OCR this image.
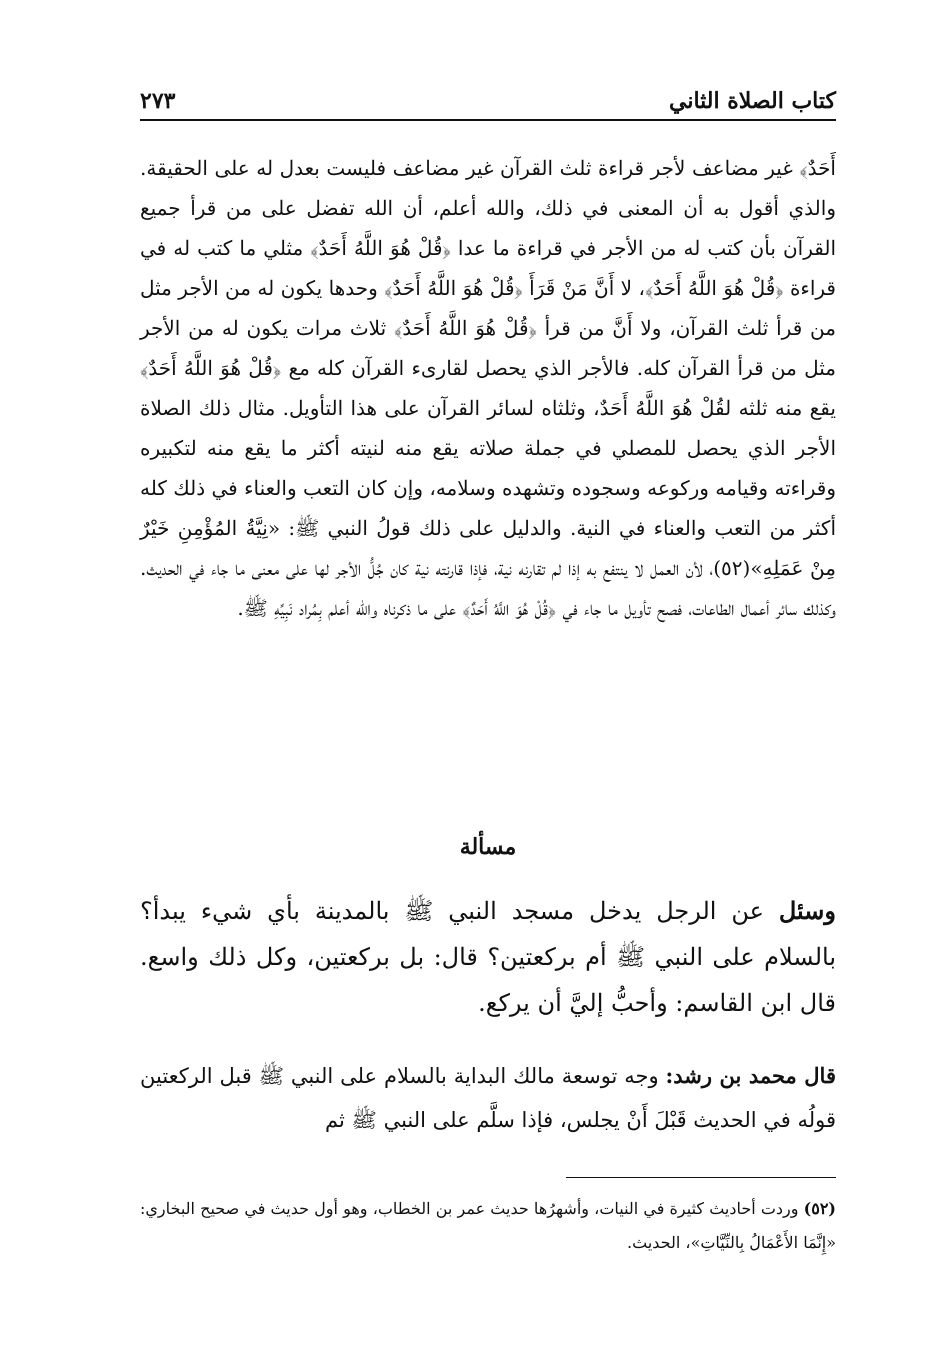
كتاب الصلاة الثاني
٢٧٣

أَحَدٌ﴾ غير مضاعف لأجر قراءة ثلث القرآن غير مضاعف فليست بعدل له على الحقيقة. والذي أقول به أن المعنى في ذلك، والله أعلم، أن الله تفضل على من قرأ جميع القرآن بأن كتب له من الأجر في قراءة ما عدا ﴿قُلْ هُوَ اللَّهُ أَحَدٌ﴾ مثلي ما كتب له في قراءة ﴿قُلْ هُوَ اللَّهُ أَحَدٌ﴾، لا أَنَّ مَنْ قَرَأَ ﴿قُلْ هُوَ اللَّهُ أَحَدٌ﴾ وحدها يكون له من الأجر مثل من قرأ ثلث القرآن، ولا أَنَّ من قرأ ﴿قُلْ هُوَ اللَّهُ أَحَدٌ﴾ ثلاث مرات يكون له من الأجر مثل من قرأ القرآن كله. فالأجر الذي يحصل لقارىء القرآن كله مع ﴿قُلْ هُوَ اللَّهُ أَحَدٌ﴾ يقع منه ثلثه لقُلْ هُوَ اللَّهُ أَحَدٌ، وثلثاه لسائر القرآن على هذا التأويل. مثال ذلك الصلاة الأجر الذي يحصل للمصلي في جملة صلاته يقع منه لنيته أكثر ما يقع منه لتكبيره وقراءته وقيامه وركوعه وسجوده وتشهده وسلامه، وإن كان التعب والعناء في ذلك كله أكثر من التعب والعناء في النية. والدليل على ذلك قولُ النبي ﷺ: «نِيَّةُ المُؤْمِنِ خَيْرٌ مِنْ عَمَلِهِ»(٥٢)، لأن العمل لا ينتفع به إذا لم تقارنه نية، فإذا قارنته نية كان جُلُّ الأجر لها على معنى ما جاء في الحديث. وكذلك سائر أعمال الطاعات، فصح تأويل ما جاء في ﴿قُلْ هُوَ اللَّهُ أَحَدٌ﴾ على ما ذكرناه والله أعلم بِمُراد نَبِيِّهِ ﷺ.

مسألة

وسئل عن الرجل يدخل مسجد النبي ﷺ بالمدينة بأي شيء يبدأ؟ بالسلام على النبي ﷺ أم بركعتين؟ قال: بل بركعتين، وكل ذلك واسع. قال ابن القاسم: وأحبُّ إليَّ أن يركع.

قال محمد بن رشد: وجه توسعة مالك البداية بالسلام على النبي ﷺ قبل الركعتين قولُه في الحديث قَبْلَ أَنْ يجلس، فإذا سلَّم على النبي ﷺ ثم

(٥٢) وردت أحاديث كثيرة في النيات، وأشهرُها حديث عمر بن الخطاب، وهو أول حديث في صحيح البخاري: «إِنَّمَا الأَعْمَالُ بِالنِّيَّاتِ»، الحديث.
